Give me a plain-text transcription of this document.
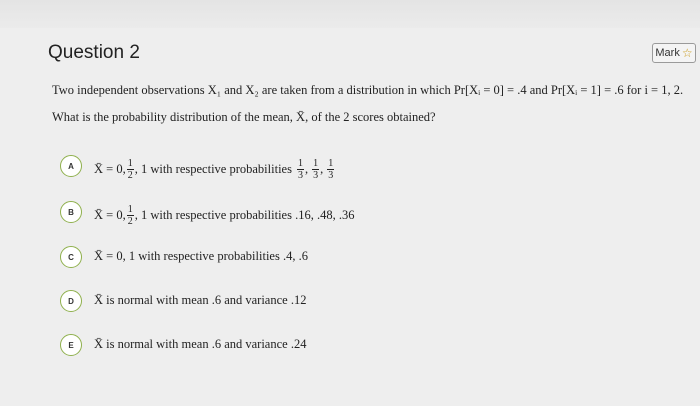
Question 2	Mark ☆
Two independent observations X₁ and X₂ are taken from a distribution in which Pr[Xᵢ = 0] = .4 and Pr[Xᵢ = 1] = .6 for i = 1, 2.
What is the probability distribution of the mean, X̄, of the 2 scores obtained?
A	X̄ = 0, $\frac{1}{2}$ , 1 with respective probabilities $\frac{1}{3}$ , $\frac{1}{3}$ , $\frac{1}{3}$
B	X̄ = 0, $\frac{1}{2}$ , 1 with respective probabilities .16, .48, .36
C	X̄ = 0, 1 with respective probabilities .4, .6
D	X̄ is normal with mean .6 and variance .12
E	X̄ is normal with mean .6 and variance .24
